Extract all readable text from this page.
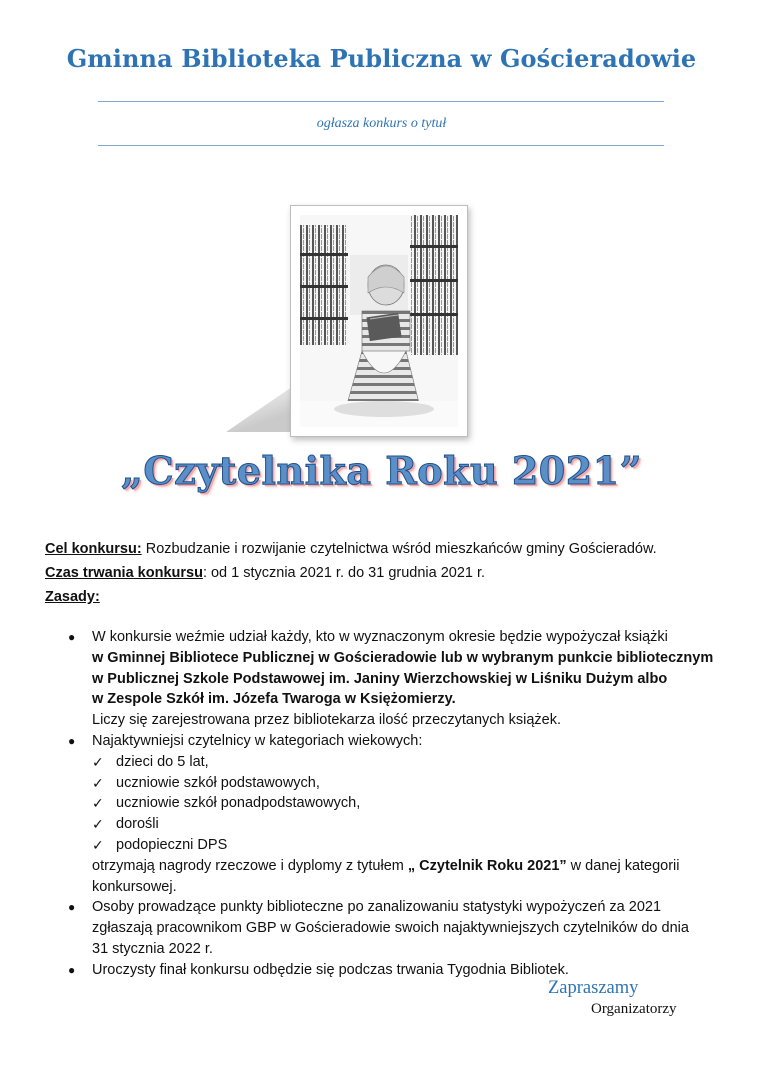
Gminna Biblioteka Publiczna w Gościeradowie
ogłasza konkurs o tytuł
„Czytelnika Roku 2021”
Cel konkursu: Rozbudzanie i rozwijanie czytelnictwa wśród mieszkańców gminy Gościeradów.
Czas trwania konkursu: od 1 stycznia 2021 r. do 31 grudnia 2021 r.
Zasady:
● W konkursie weźmie udział każdy, kto w wyznaczonym okresie będzie wypożyczał książki
w Gminnej Bibliotece Publicznej w Gościeradowie lub w wybranym punkcie bibliotecznym
w Publicznej Szkole Podstawowej im. Janiny Wierzchowskiej w Liśniku Dużym albo
w Zespole Szkół im. Józefa Twaroga w Księżomierzy.
Liczy się zarejestrowana przez bibliotekarza ilość przeczytanych książek.
● Najaktywniejsi czytelnicy w kategoriach wiekowych:
✓ dzieci do 5 lat,
✓ uczniowie szkół podstawowych,
✓ uczniowie szkół ponadpodstawowych,
✓ dorośli
✓ podopieczni DPS
otrzymają nagrody rzeczowe i dyplomy z tytułem „ Czytelnik Roku 2021” w danej kategorii
konkursowej.
● Osoby prowadzące punkty biblioteczne po zanalizowaniu statystyki wypożyczeń za 2021
zgłaszają pracownikom GBP w Gościeradowie swoich najaktywniejszych czytelników do dnia
31 stycznia 2022 r.
● Uroczysty finał konkursu odbędzie się podczas trwania Tygodnia Bibliotek.
Zapraszamy
Organizatorzy
